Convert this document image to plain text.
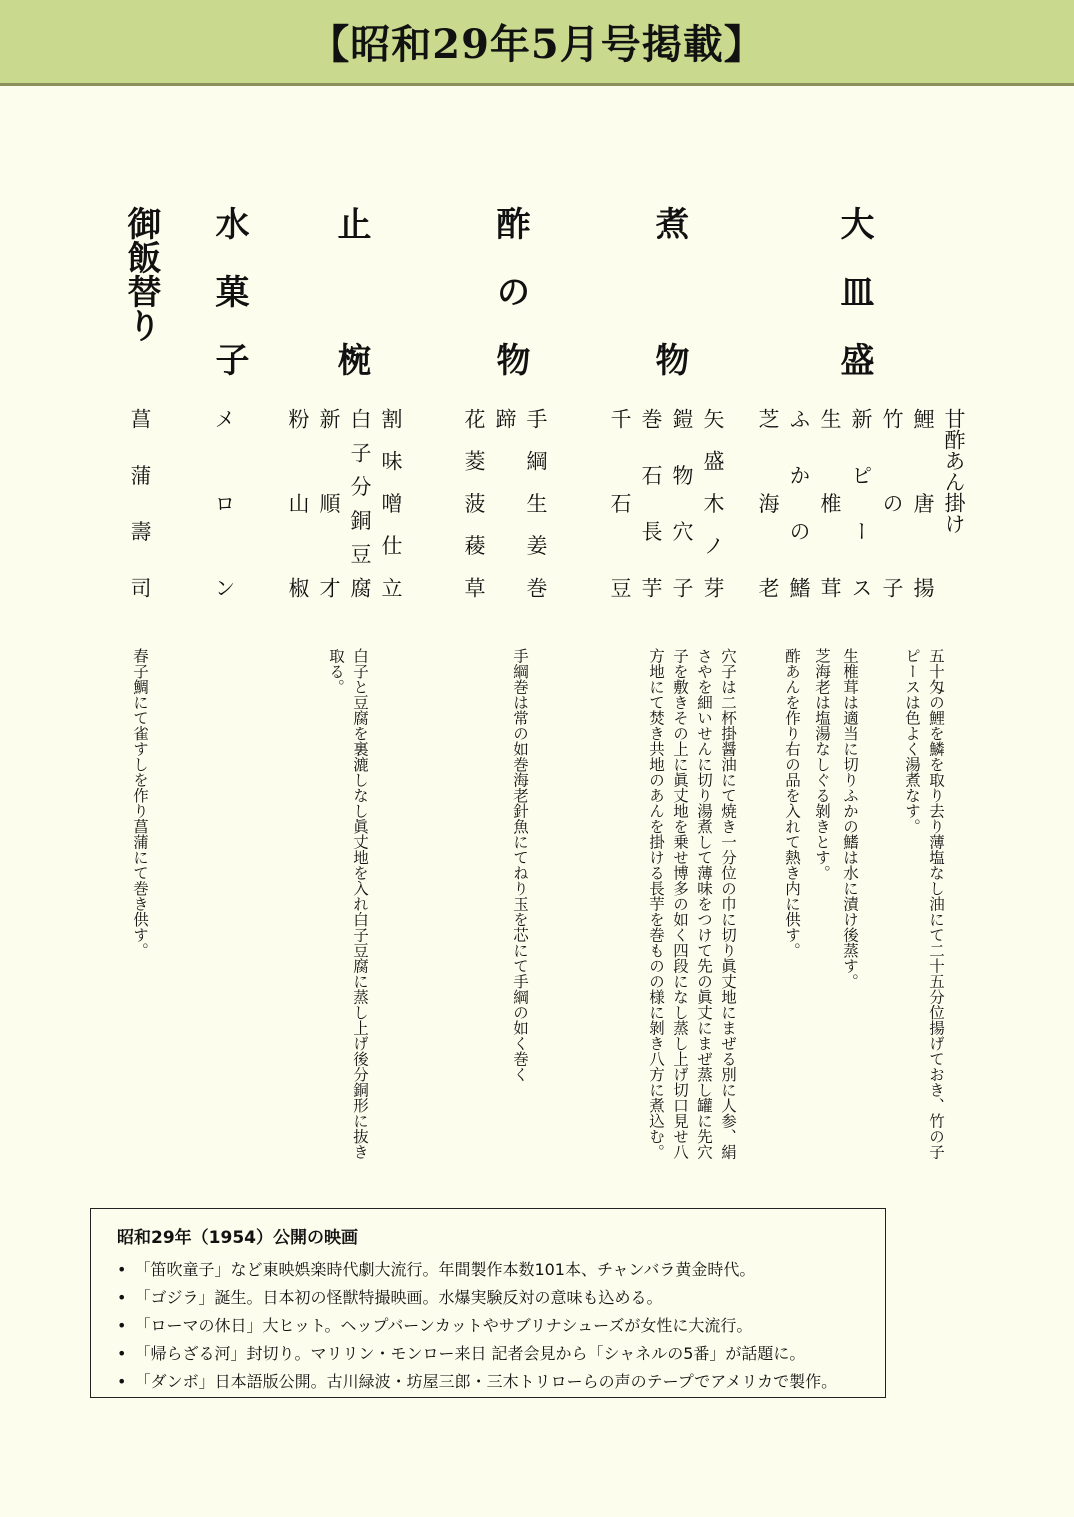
【昭和29年5月号掲載】
大皿盛
甘酢あん掛け
鯉唐揚
竹の子
新ピース
生椎茸
ふかの鰭
芝海老
五十匁の鯉を鱗を取り去り薄塩なし油にて二十五分位揚げておき、竹の子ピースは色よく湯煮なす。
生椎茸は適当に切りふかの鰭は水に漬け後蒸す。
芝海老は塩湯なしぐる剝きとす。
酢あんを作り右の品を入れて熱き内に供す。
煮物
矢盛木ノ芽
鎧物穴子
巻石長芋
千石豆
穴子は二杯掛醤油にて焼き一分位の巾に切り眞丈地にまぜる別に人参、絹さやを細いせんに切り湯煮して薄味をつけて先の眞丈にまぜ蒸し罐に先穴子を敷きその上に眞丈地を乗せ博多の如く四段になし蒸し上げ切口見せ八方地にて焚き共地のあんを掛ける長芋を巻ものの様に剝き八方に煮込む。
酢の物
手綱生姜巻
蹄
花菱菠薐草
手綱巻は常の如巻海老針魚にてねり玉を芯にて手綱の如く巻く
止椀
割味噌仕立
白子分銅豆腐
新順才
粉山椒
白子と豆腐を裏漉しなし眞丈地を入れ白子豆腐に蒸し上げ後分銅形に抜き取る。
水菓子
メロン
御飯替り
菖蒲壽司
春子鯛にて雀すしを作り菖蒲にて巻き供す。
昭和29年（1954）公開の映画
• 「笛吹童子」など東映娯楽時代劇大流行。年間製作本数101本、チャンバラ黄金時代。
• 「ゴジラ」誕生。日本初の怪獣特撮映画。水爆実験反対の意味も込める。
• 「ローマの休日」大ヒット。ヘップバーンカットやサブリナシューズが女性に大流行。
• 「帰らざる河」封切り。マリリン・モンロー来日 記者会見から「シャネルの5番」が話題に。
• 「ダンボ」日本語版公開。古川緑波・坊屋三郎・三木トリローらの声のテープでアメリカで製作。
